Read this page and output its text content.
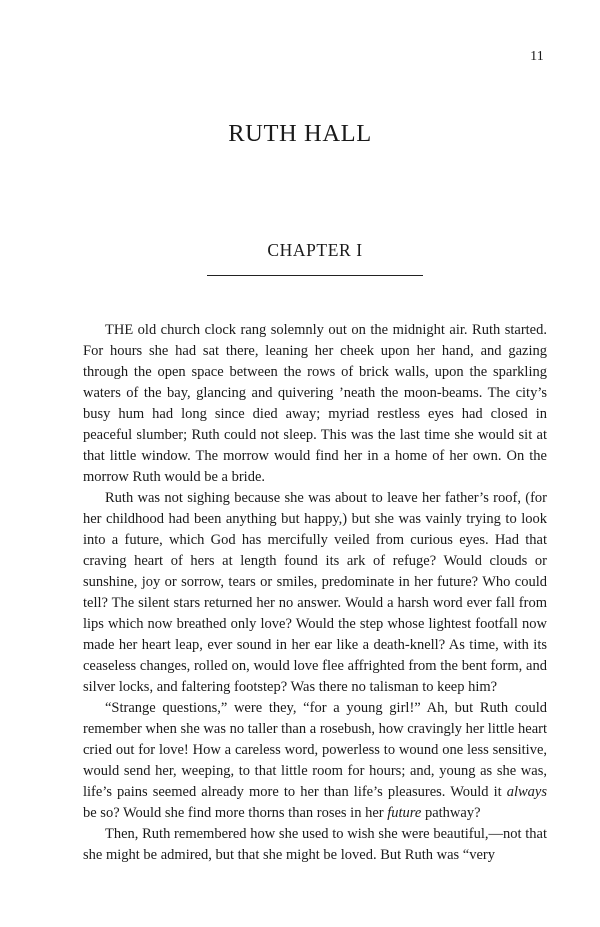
11
RUTH HALL
CHAPTER I

THE old church clock rang solemnly out on the midnight air. Ruth started. For hours she had sat there, leaning her cheek upon her hand, and gazing through the open space between the rows of brick walls, upon the sparkling waters of the bay, glancing and quivering ’neath the moon-beams. The city’s busy hum had long since died away; myriad restless eyes had closed in peaceful slumber; Ruth could not sleep. This was the last time she would sit at that little window. The morrow would find her in a home of her own. On the morrow Ruth would be a bride.

Ruth was not sighing because she was about to leave her father’s roof, (for her childhood had been anything but happy,) but she was vainly trying to look into a future, which God has mercifully veiled from curious eyes. Had that craving heart of hers at length found its ark of refuge? Would clouds or sunshine, joy or sorrow, tears or smiles, predominate in her future? Who could tell? The silent stars returned her no answer. Would a harsh word ever fall from lips which now breathed only love? Would the step whose lightest footfall now made her heart leap, ever sound in her ear like a death-knell? As time, with its ceaseless changes, rolled on, would love flee affrighted from the bent form, and silver locks, and faltering footstep? Was there no talisman to keep him?

“Strange questions,” were they, “for a young girl!” Ah, but Ruth could remember when she was no taller than a rosebush, how cravingly her little heart cried out for love! How a careless word, powerless to wound one less sensitive, would send her, weeping, to that little room for hours; and, young as she was, life’s pains seemed already more to her than life’s pleasures. Would it always be so? Would she find more thorns than roses in her future pathway?

Then, Ruth remembered how she used to wish she were beautiful,—not that she might be admired, but that she might be loved. But Ruth was “very
